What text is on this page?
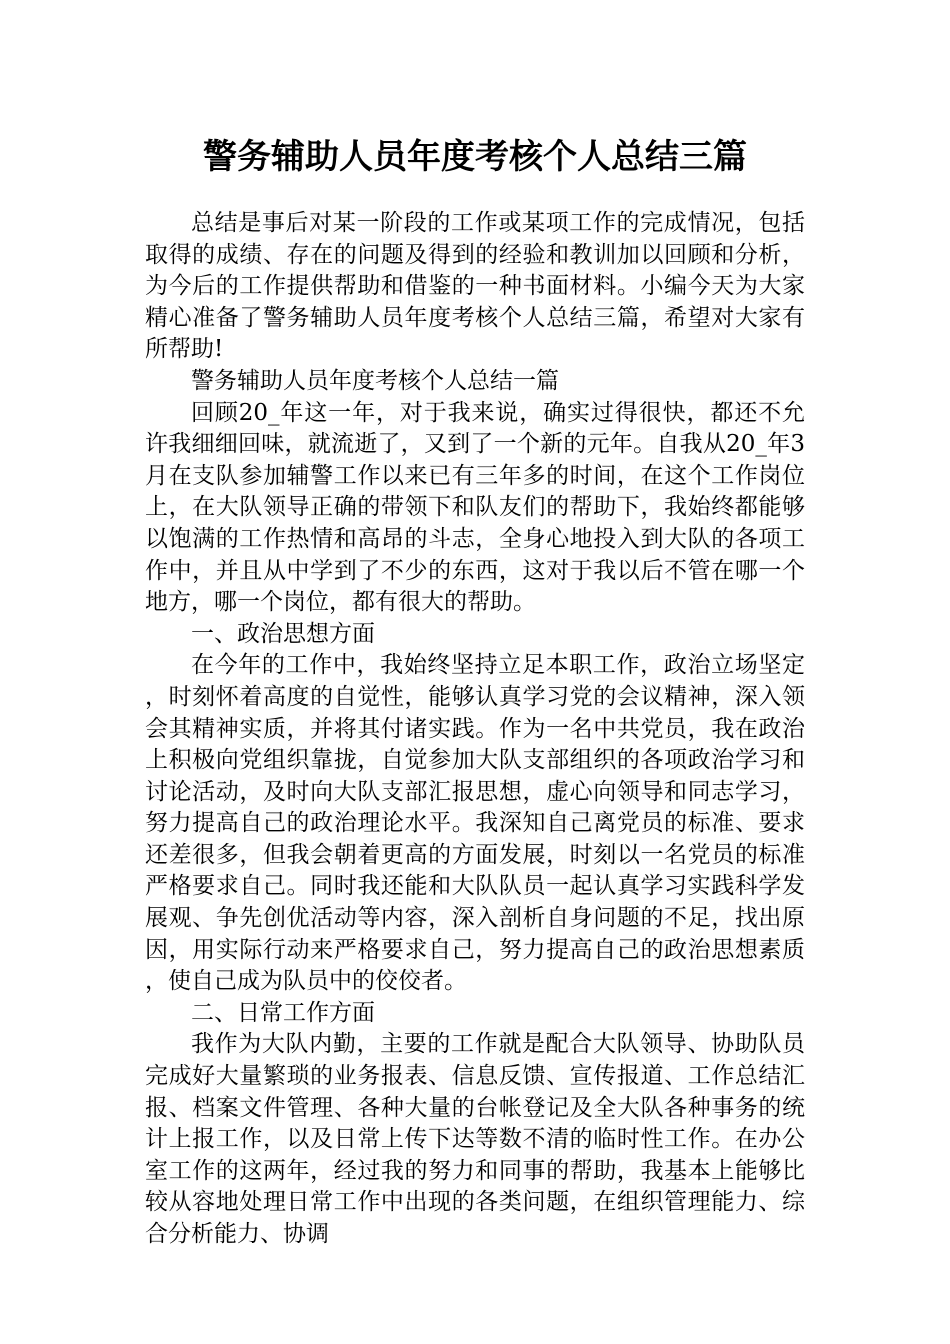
警务辅助人员年度考核个人总结三篇

总结是事后对某一阶段的工作或某项工作的完成情况，包括取得的成绩、存在的问题及得到的经验和教训加以回顾和分析，为今后的工作提供帮助和借鉴的一种书面材料。小编今天为大家精心准备了警务辅助人员年度考核个人总结三篇，希望对大家有所帮助!

警务辅助人员年度考核个人总结一篇

回顾20_年这一年，对于我来说，确实过得很快，都还不允许我细细回味，就流逝了，又到了一个新的元年。自我从20_年3月在支队参加辅警工作以来已有三年多的时间，在这个工作岗位上，在大队领导正确的带领下和队友们的帮助下，我始终都能够以饱满的工作热情和高昂的斗志，全身心地投入到大队的各项工作中，并且从中学到了不少的东西，这对于我以后不管在哪一个地方，哪一个岗位，都有很大的帮助。

一、政治思想方面

在今年的工作中，我始终坚持立足本职工作，政治立场坚定，时刻怀着高度的自觉性，能够认真学习党的会议精神，深入领会其精神实质，并将其付诸实践。作为一名中共党员，我在政治上积极向党组织靠拢，自觉参加大队支部组织的各项政治学习和讨论活动，及时向大队支部汇报思想，虚心向领导和同志学习，努力提高自己的政治理论水平。我深知自己离党员的标准、要求还差很多，但我会朝着更高的方面发展，时刻以一名党员的标准严格要求自己。同时我还能和大队队员一起认真学习实践科学发展观、争先创优活动等内容，深入剖析自身问题的不足，找出原因，用实际行动来严格要求自己，努力提高自己的政治思想素质，使自己成为队员中的佼佼者。

二、日常工作方面

我作为大队内勤，主要的工作就是配合大队领导、协助队员完成好大量繁琐的业务报表、信息反馈、宣传报道、工作总结汇报、档案文件管理、各种大量的台帐登记及全大队各种事务的统计上报工作，以及日常上传下达等数不清的临时性工作。在办公室工作的这两年，经过我的努力和同事的帮助，我基本上能够比较从容地处理日常工作中出现的各类问题，在组织管理能力、综合分析能力、协调
